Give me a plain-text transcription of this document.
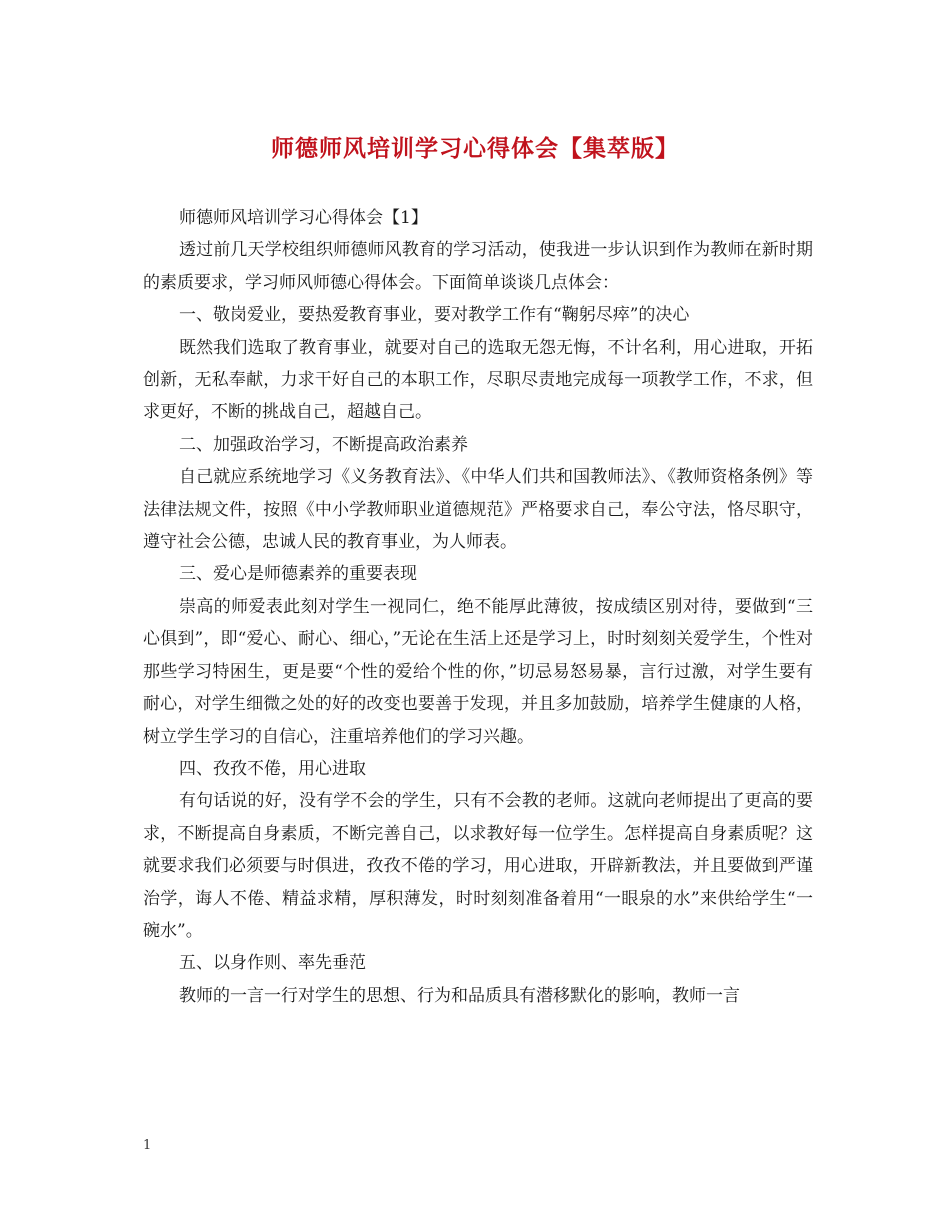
师德师风培训学习心得体会【集萃版】

师德师风培训学习心得体会【1】

透过前几天学校组织师德师风教育的学习活动，使我进一步认识到作为教师在新时期的素质要求，学习师风师德心得体会。下面简单谈谈几点体会：

一、敬岗爱业，要热爱教育事业，要对教学工作有“鞠躬尽瘁”的决心

既然我们选取了教育事业，就要对自己的选取无怨无悔，不计名利，用心进取，开拓创新，无私奉献，力求干好自己的本职工作，尽职尽责地完成每一项教学工作，不求，但求更好，不断的挑战自己，超越自己。

二、加强政治学习，不断提高政治素养

自己就应系统地学习《义务教育法》、《中华人们共和国教师法》、《教师资格条例》等法律法规文件，按照《中小学教师职业道德规范》严格要求自己，奉公守法，恪尽职守，遵守社会公德，忠诚人民的教育事业，为人师表。

三、爱心是师德素养的重要表现

崇高的师爱表此刻对学生一视同仁，绝不能厚此薄彼，按成绩区别对待，要做到“三心俱到”，即“爱心、耐心、细心，”无论在生活上还是学习上，时时刻刻关爱学生，个性对那些学习特困生，更是要“个性的爱给个性的你，”切忌易怒易暴，言行过激，对学生要有耐心，对学生细微之处的好的改变也要善于发现，并且多加鼓励，培养学生健康的人格，树立学生学习的自信心，注重培养他们的学习兴趣。

四、孜孜不倦，用心进取

有句话说的好，没有学不会的学生，只有不会教的老师。这就向老师提出了更高的要求，不断提高自身素质，不断完善自己，以求教好每一位学生。怎样提高自身素质呢？这就要求我们必须要与时俱进，孜孜不倦的学习，用心进取，开辟新教法，并且要做到严谨治学，诲人不倦、精益求精，厚积薄发，时时刻刻准备着用“一眼泉的水”来供给学生“一碗水”。

五、以身作则、率先垂范

教师的一言一行对学生的思想、行为和品质具有潜移默化的影响，教师一言

1
